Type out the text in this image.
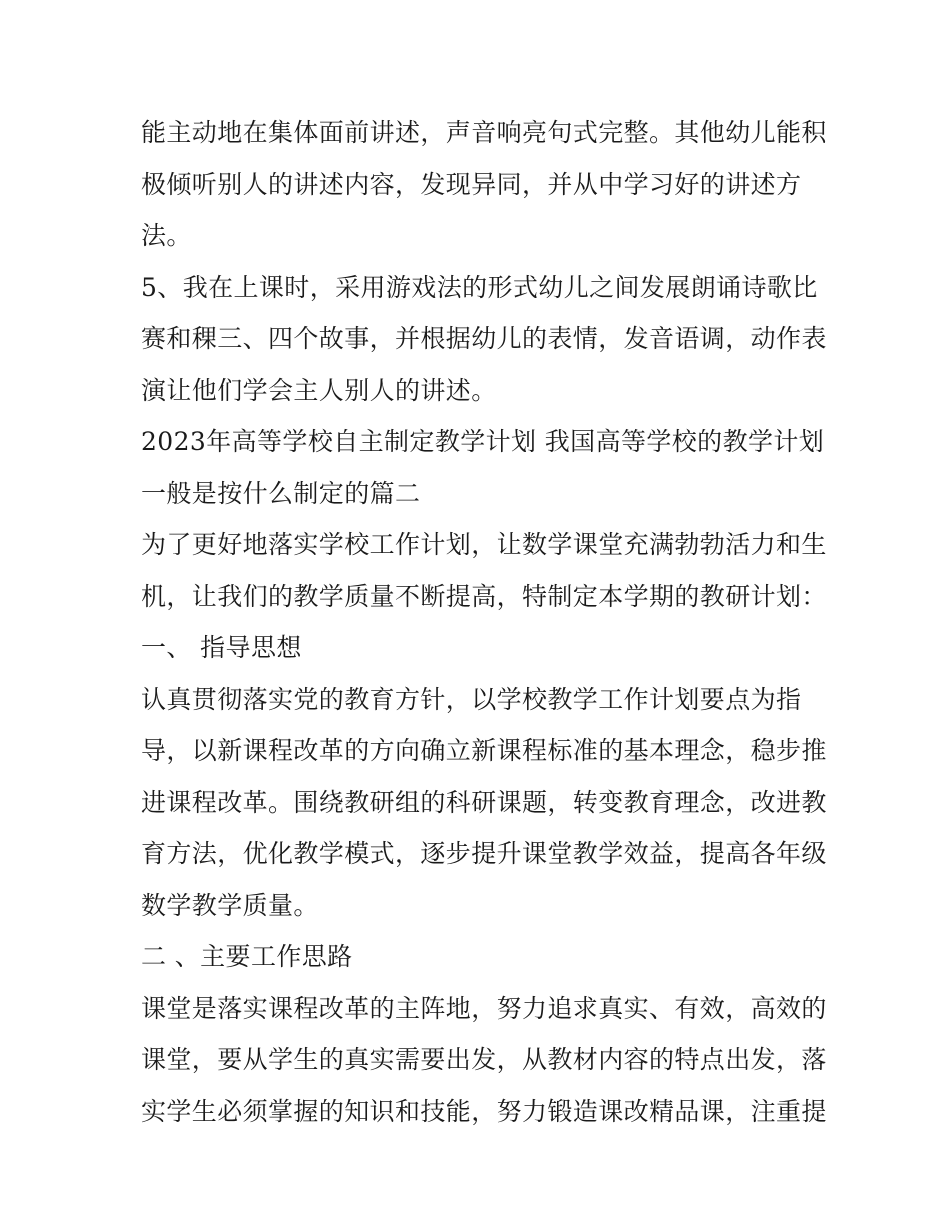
能主动地在集体面前讲述，声音响亮句式完整。其他幼儿能积
极倾听别人的讲述内容，发现异同，并从中学习好的讲述方
法。
5、我在上课时，采用游戏法的形式幼儿之间发展朗诵诗歌比
赛和稞三、四个故事，并根据幼儿的表情，发音语调，动作表
演让他们学会主人别人的讲述。
2023年高等学校自主制定教学计划 我国高等学校的教学计划
一般是按什么制定的篇二
为了更好地落实学校工作计划，让数学课堂充满勃勃活力和生
机，让我们的教学质量不断提高，特制定本学期的教研计划：
一、 指导思想
认真贯彻落实党的教育方针，以学校教学工作计划要点为指
导，以新课程改革的方向确立新课程标准的基本理念，稳步推
进课程改革。围绕教研组的科研课题，转变教育理念，改进教
育方法，优化教学模式，逐步提升课堂教学效益，提高各年级
数学教学质量。
二 、主要工作思路
课堂是落实课程改革的主阵地，努力追求真实、有效，高效的
课堂，要从学生的真实需要出发，从教材内容的特点出发，落
实学生必须掌握的知识和技能，努力锻造课改精品课，注重提
